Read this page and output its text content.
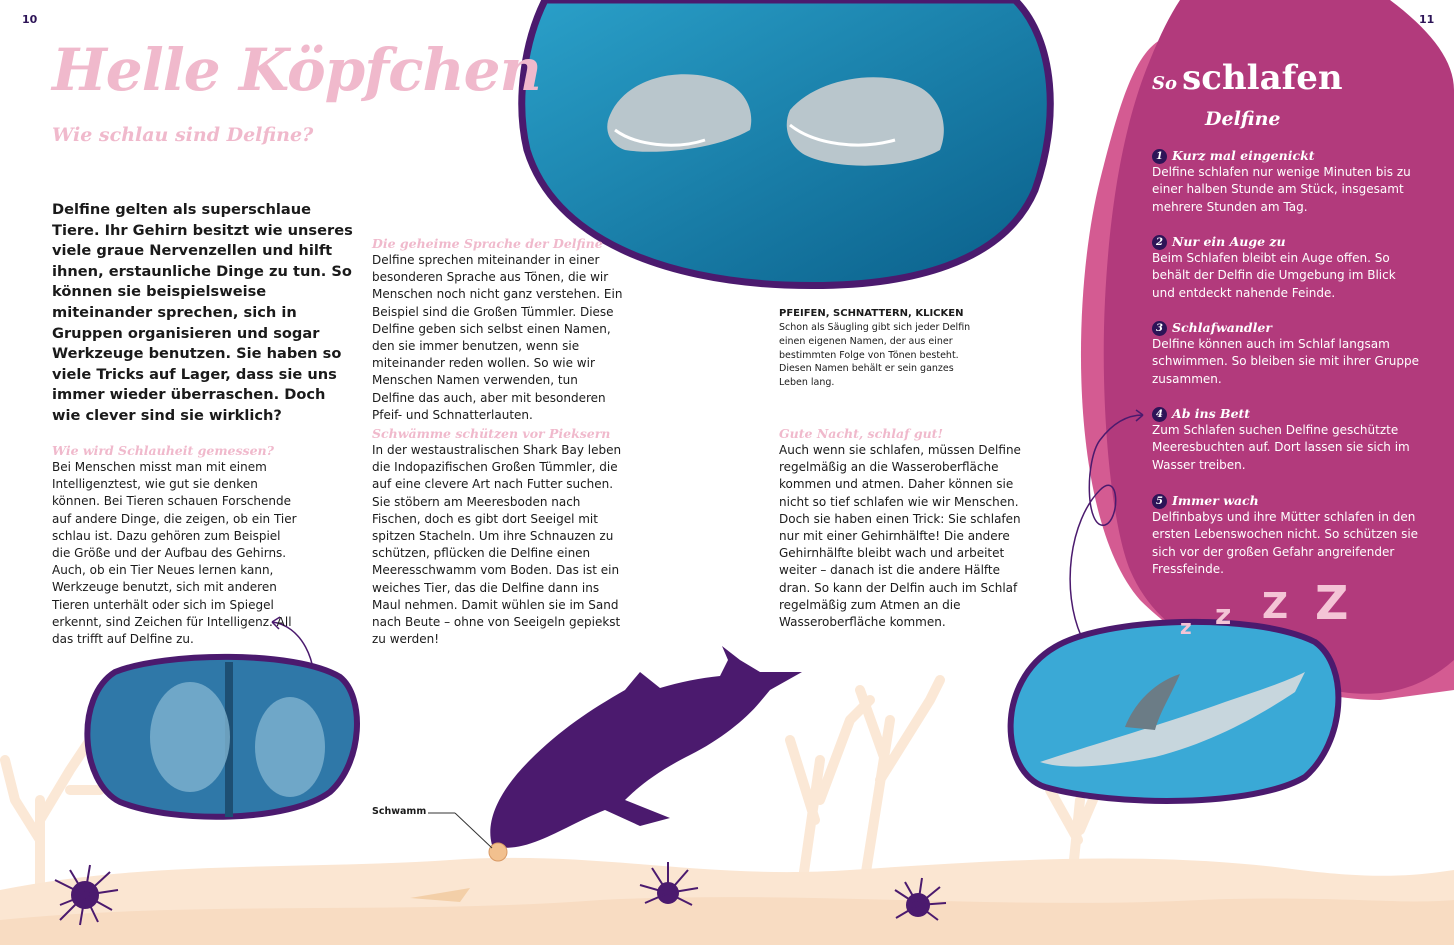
10	11
Helle Köpfchen
Wie schlau sind Delfine?
Delfine gelten als superschlaue Tiere. Ihr Gehirn besitzt wie unseres viele graue Nervenzellen und hilft ihnen, erstaunliche Dinge zu tun. So können sie beispielsweise miteinander sprechen, sich in Gruppen organisieren und sogar Werkzeuge benutzen. Sie haben so viele Tricks auf Lager, dass sie uns immer wieder überraschen. Doch wie clever sind sie wirklich?
Wie wird Schlauheit gemessen?
Bei Menschen misst man mit einem Intelligenztest, wie gut sie denken können. Bei Tieren schauen Forschende auf andere Dinge, die zeigen, ob ein Tier schlau ist. Dazu gehören zum Beispiel die Größe und der Aufbau des Gehirns. Auch, ob ein Tier Neues lernen kann, Werkzeuge benutzt, sich mit anderen Tieren unterhält oder sich im Spiegel erkennt, sind Zeichen für Intelligenz. All das trifft auf Delfine zu.
Die geheime Sprache der Delfine
Delfine sprechen miteinander in einer besonderen Sprache aus Tönen, die wir Menschen noch nicht ganz verstehen. Ein Beispiel sind die Großen Tümmler. Diese Delfine geben sich selbst einen Namen, den sie immer benutzen, wenn sie miteinander reden wollen. So wie wir Menschen Namen verwenden, tun Delfine das auch, aber mit besonderen Pfeif- und Schnatterlauten.
Schwämme schützen vor Pieksern
In der westaustralischen Shark Bay leben die Indopazifischen Großen Tümmler, die auf eine clevere Art nach Futter suchen. Sie stöbern am Meeresboden nach Fischen, doch es gibt dort Seeigel mit spitzen Stacheln. Um ihre Schnauzen zu schützen, pflücken die Delfine einen Meeresschwamm vom Boden. Das ist ein weiches Tier, das die Delfine dann ins Maul nehmen. Damit wühlen sie im Sand nach Beute – ohne von Seeigeln gepiekst zu werden!
PFEIFEN, SCHNATTERN, KLICKEN
Schon als Säugling gibt sich jeder Delfin einen eigenen Namen, der aus einer bestimmten Folge von Tönen besteht. Diesen Namen behält er sein ganzes Leben lang.
Gute Nacht, schlaf gut!
Auch wenn sie schlafen, müssen Delfine regelmäßig an die Wasseroberfläche kommen und atmen. Daher können sie nicht so tief schlafen wie wir Menschen. Doch sie haben einen Trick: Sie schlafen nur mit einer Gehirnhälfte! Die andere Gehirnhälfte bleibt wach und arbeitet weiter – danach ist die andere Hälfte dran. So kann der Delfin auch im Schlaf regelmäßig zum Atmen an die Wasseroberfläche kommen.
Schwamm
So schlafen
Delfine
1 Kurz mal eingenickt
Delfine schlafen nur wenige Minuten bis zu einer halben Stunde am Stück, insgesamt mehrere Stunden am Tag.
2 Nur ein Auge zu
Beim Schlafen bleibt ein Auge offen. So behält der Delfin die Umgebung im Blick und entdeckt nahende Feinde.
3 Schlafwandler
Delfine können auch im Schlaf langsam schwimmen. So bleiben sie mit ihrer Gruppe zusammen.
4 Ab ins Bett
Zum Schlafen suchen Delfine geschützte Meeresbuchten auf. Dort lassen sie sich im Wasser treiben.
5 Immer wach
Delfinbabys und ihre Mütter schlafen in den ersten Lebenswochen nicht. So schützen sie sich vor der großen Gefahr angreifender Fressfeinde.
z z Z Z
